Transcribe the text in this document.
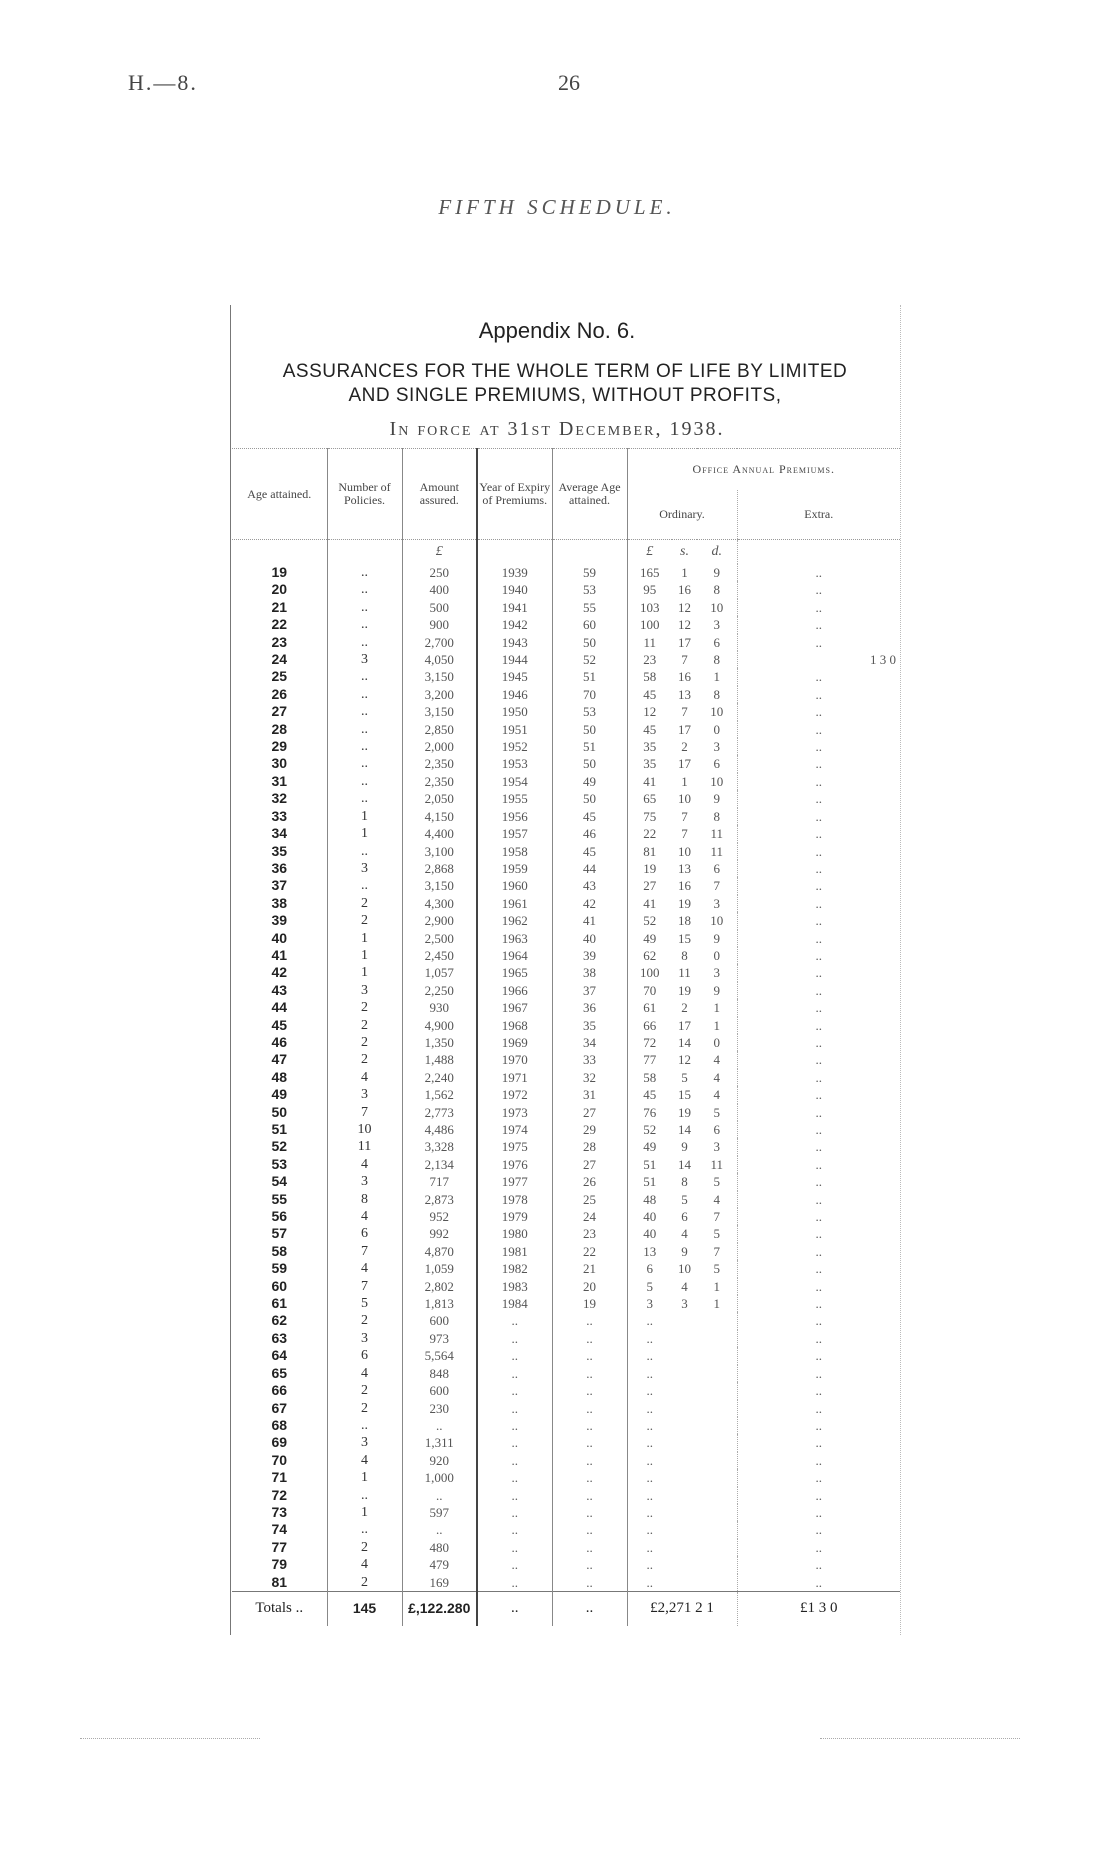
H.—8.	26
FIFTH SCHEDULE.
Appendix No. 6.
ASSURANCES FOR THE WHOLE TERM OF LIFE BY LIMITED
AND SINGLE PREMIUMS, WITHOUT PROFITS,
In force at 31st December, 1938.
Age attained.	Number of Policies.	Amount assured.	Year of Expiry of Premiums.	Average Age attained.	Office Annual Premiums.			
					Ordinary.			Extra.
		£			£	s.	d.	
19	..	250	1939	59	165	1	9	..
20	..	400	1940	53	95	16	8	..
21	..	500	1941	55	103	12	10	..
22	..	900	1942	60	100	12	3	..
23	..	2,700	1943	50	11	17	6	..
24	3	4,050	1944	52	23	7	8	1 3 0
25	..	3,150	1945	51	58	16	1	..
26	..	3,200	1946	70	45	13	8	..
27	..	3,150	1950	53	12	7	10	..
28	..	2,850	1951	50	45	17	0	..
29	..	2,000	1952	51	35	2	3	..
30	..	2,350	1953	50	35	17	6	..
31	..	2,350	1954	49	41	1	10	..
32	..	2,050	1955	50	65	10	9	..
33	1	4,150	1956	45	75	7	8	..
34	1	4,400	1957	46	22	7	11	..
35	..	3,100	1958	45	81	10	11	..
36	3	2,868	1959	44	19	13	6	..
37	..	3,150	1960	43	27	16	7	..
38	2	4,300	1961	42	41	19	3	..
39	2	2,900	1962	41	52	18	10	..
40	1	2,500	1963	40	49	15	9	..
41	1	2,450	1964	39	62	8	0	..
42	1	1,057	1965	38	100	11	3	..
43	3	2,250	1966	37	70	19	9	..
44	2	930	1967	36	61	2	1	..
45	2	4,900	1968	35	66	17	1	..
46	2	1,350	1969	34	72	14	0	..
47	2	1,488	1970	33	77	12	4	..
48	4	2,240	1971	32	58	5	4	..
49	3	1,562	1972	31	45	15	4	..
50	7	2,773	1973	27	76	19	5	..
51	10	4,486	1974	29	52	14	6	..
52	11	3,328	1975	28	49	9	3	..
53	4	2,134	1976	27	51	14	11	..
54	3	717	1977	26	51	8	5	..
55	8	2,873	1978	25	48	5	4	..
56	4	952	1979	24	40	6	7	..
57	6	992	1980	23	40	4	5	..
58	7	4,870	1981	22	13	9	7	..
59	4	1,059	1982	21	6	10	5	..
60	7	2,802	1983	20	5	4	1	..
61	5	1,813	1984	19	3	3	1	..
62	2	600	..	..	..			..
63	3	973	..	..	..			..
64	6	5,564	..	..	..			..
65	4	848	..	..	..			..
66	2	600	..	..	..			..
67	2	230	..	..	..			..
68	..	..	..	..	..			..
69	3	1,311	..	..	..			..
70	4	920	..	..	..			..
71	1	1,000	..	..	..			..
72	..	..	..	..	..			..
73	1	597	..	..	..			..
74	..	..	..	..	..			..
77	2	480	..	..	..			..
79	4	479	..	..	..			..
81	2	169	..	..	..			..
Totals ..	145	£,122.280	..	..	£2,271 2 1			£1 3 0
